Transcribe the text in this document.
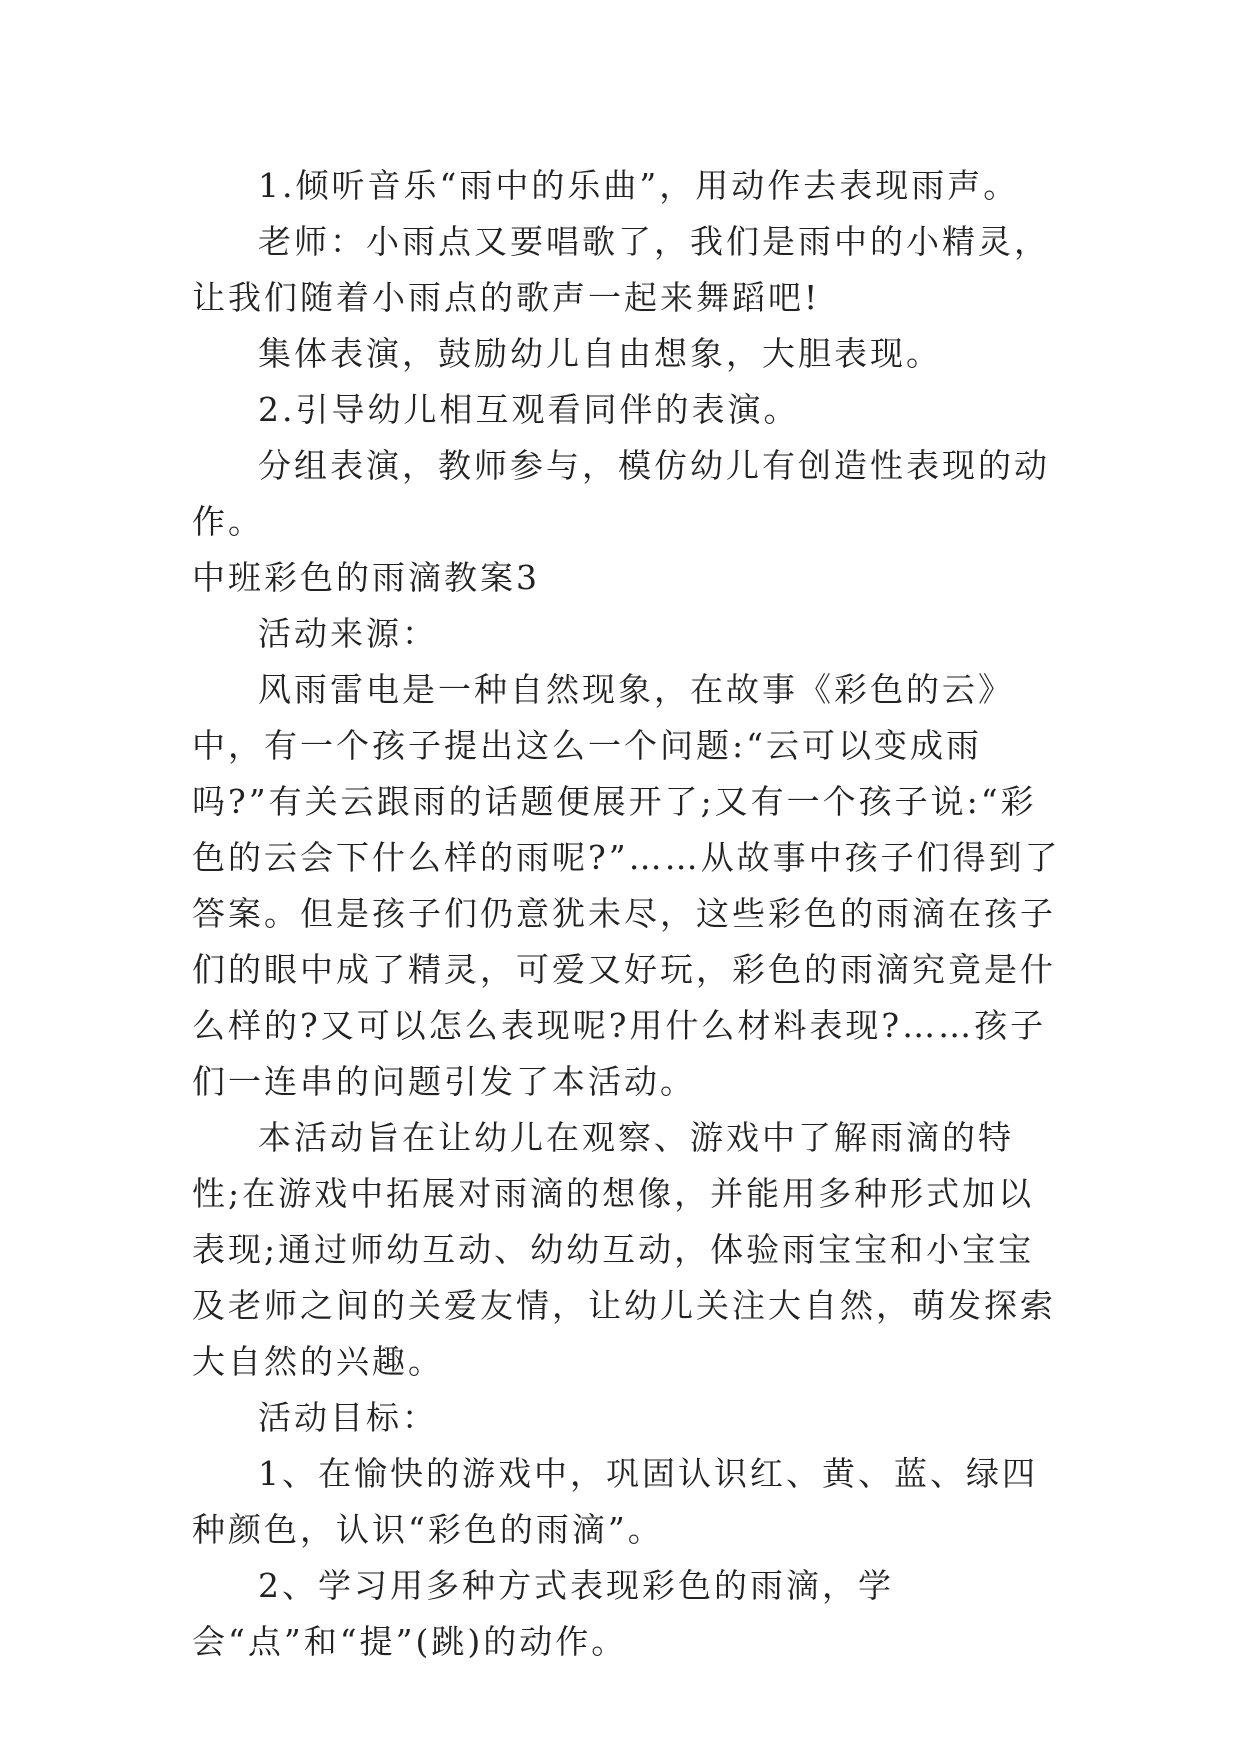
1.倾听音乐“雨中的乐曲”，用动作去表现雨声。

老师：小雨点又要唱歌了，我们是雨中的小精灵，让我们随着小雨点的歌声一起来舞蹈吧!

集体表演，鼓励幼儿自由想象，大胆表现。

2.引导幼儿相互观看同伴的表演。

分组表演，教师参与，模仿幼儿有创造性表现的动作。

中班彩色的雨滴教案3

活动来源：

风雨雷电是一种自然现象，在故事《彩色的云》中，有一个孩子提出这么一个问题:“云可以变成雨吗?”有关云跟雨的话题便展开了;又有一个孩子说:“彩色的云会下什么样的雨呢?”……从故事中孩子们得到了答案。但是孩子们仍意犹未尽，这些彩色的雨滴在孩子们的眼中成了精灵，可爱又好玩，彩色的雨滴究竟是什么样的?又可以怎么表现呢?用什么材料表现?……孩子们一连串的问题引发了本活动。

本活动旨在让幼儿在观察、游戏中了解雨滴的特性;在游戏中拓展对雨滴的想像，并能用多种形式加以表现;通过师幼互动、幼幼互动，体验雨宝宝和小宝宝及老师之间的关爱友情，让幼儿关注大自然，萌发探索大自然的兴趣。

活动目标：

1、在愉快的游戏中，巩固认识红、黄、蓝、绿四种颜色，认识“彩色的雨滴”。

2、学习用多种方式表现彩色的雨滴，学会“点”和“提”(跳)的动作。
